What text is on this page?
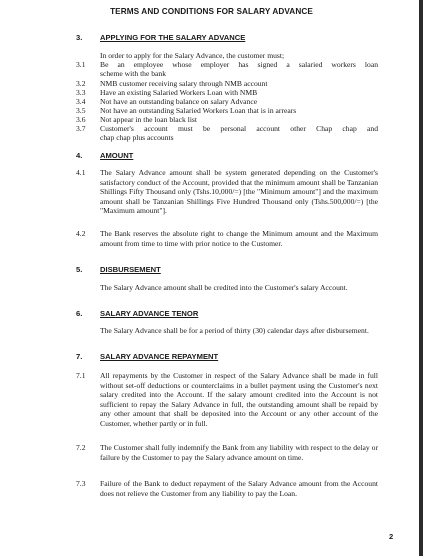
TERMS AND CONDITIONS FOR SALARY ADVANCE
3. APPLYING FOR THE SALARY ADVANCE
In order to apply for the Salary Advance, the customer must;
3.1 Be an employee whose employer has signed a salaried workers loan
scheme with the bank
3.2 NMB customer receiving salary through NMB account
3.3 Have an existing Salaried Workers Loan with NMB
3.4 Not have an outstanding balance on salary Advance
3.5 Not have an outstanding Salaried Workers Loan that is in arrears
3.6 Not appear in the loan black list
3.7 Customer's account must be personal account other Chap chap and
chap chap plus accounts
4. AMOUNT
4.1 The Salary Advance amount shall be system generated depending on the Customer's satisfactory conduct of the Account, provided that the minimum amount shall be Tanzanian Shillings Fifty Thousand only (Tshs.10,000/=) [the "Minimum amount"] and the maximum amount shall be Tanzanian Shillings Five Hundred Thousand only (Tshs.500,000/=) [the "Maximum amount"].
4.2 The Bank reserves the absolute right to change the Minimum amount and the Maximum amount from time to time with prior notice to the Customer.
5. DISBURSEMENT
The Salary Advance amount shall be credited into the Customer's salary Account.
6. SALARY ADVANCE TENOR
The Salary Advance shall be for a period of thirty (30) calendar days after disbursement.
7. SALARY ADVANCE REPAYMENT
7.1 All repayments by the Customer in respect of the Salary Advance shall be made in full without set-off deductions or counterclaims in a bullet payment using the Customer's next salary credited into the Account. If the salary amount credited into the Account is not sufficient to repay the Salary Advance in full, the outstanding amount shall be repaid by any other amount that shall be deposited into the Account or any other account of the Customer, whether partly or in full.
7.2 The Customer shall fully indemnify the Bank from any liability with respect to the delay or failure by the Customer to pay the Salary advance amount on time.
7.3 Failure of the Bank to deduct repayment of the Salary Advance amount from the Account does not relieve the Customer from any liability to pay the Loan.
2
